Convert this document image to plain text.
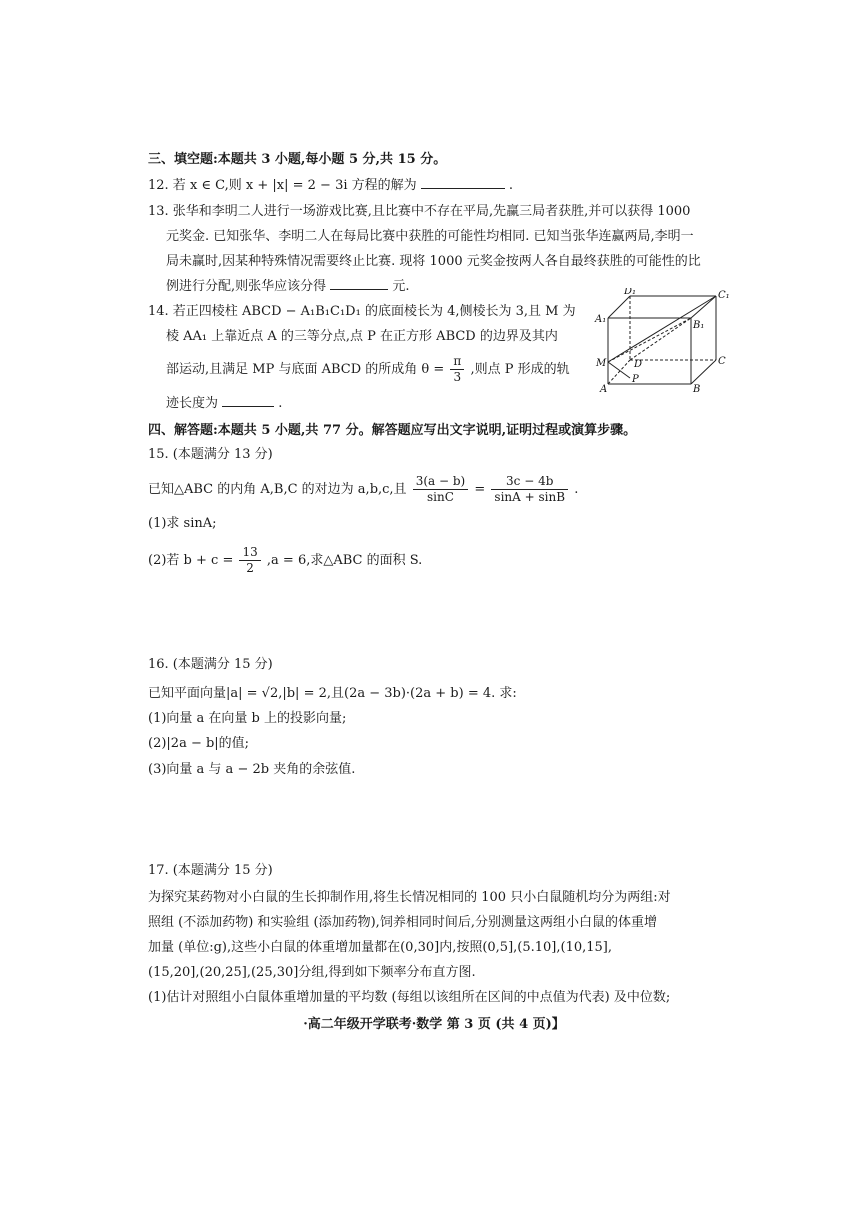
三、填空题:本题共 3 小题,每小题 5 分,共 15 分。
12. 若 x ∈ C,则 x + |x| = 2 − 3i 方程的解为	.
13. 张华和李明二人进行一场游戏比赛,且比赛中不存在平局,先赢三局者获胜,并可以获得 1000
元奖金. 已知张华、李明二人在每局比赛中获胜的可能性均相同. 已知当张华连赢两局,李明一
局未赢时,因某种特殊情况需要终止比赛. 现将 1000 元奖金按两人各自最终获胜的可能性的比
例进行分配,则张华应该分得	元.
14. 若正四棱柱 ABCD − A₁B₁C₁D₁ 的底面棱长为 4,侧棱长为 3,且 M 为
棱 AA₁ 上靠近点 A 的三等分点,点 P 在正方形 ABCD 的边界及其内
部运动,且满足 MP 与底面 ABCD 的所成角 $\theta = \frac{\pi}{3}$ ,则点 P 形成的轨
迹长度为	.
D₁	C₁
A₁
B₁
M	D	C
A
P
B
四、解答题:本题共 5 小题,共 77 分。解答题应写出文字说明,证明过程或演算步骤。
15. (本题满分 13 分)
已知△ABC 的内角 A,B,C 的对边为 a,b,c,且 $\frac{3(a - b)}{\sin C} = \frac{3c - 4b}{\sin A + \sin B}$ .
(1)求 sinA;
(2)若 $b + c = \frac{13}{2} ,a = 6$,求△ABC 的面积 S.
16. (本题满分 15 分)
已知平面向量|a| = √2,|b| = 2,且(2a − 3b)·(2a + b) = 4. 求:
(1)向量 a 在向量 b 上的投影向量;
(2)|2a − b|的值;
(3)向量 a 与 a − 2b 夹角的余弦值.
17. (本题满分 15 分)
为探究某药物对小白鼠的生长抑制作用,将生长情况相同的 100 只小白鼠随机均分为两组:对
照组 (不添加药物) 和实验组 (添加药物),饲养相同时间后,分别测量这两组小白鼠的体重增
加量 (单位:g),这些小白鼠的体重增加量都在(0,30]内,按照(0,5],(5.10],(10,15],
(15,20],(20,25],(25,30]分组,得到如下频率分布直方图.
(1)估计对照组小白鼠体重增加量的平均数 (每组以该组所在区间的中点值为代表) 及中位数;
·高二年级开学联考·数学 第 3 页 (共 4 页)】
